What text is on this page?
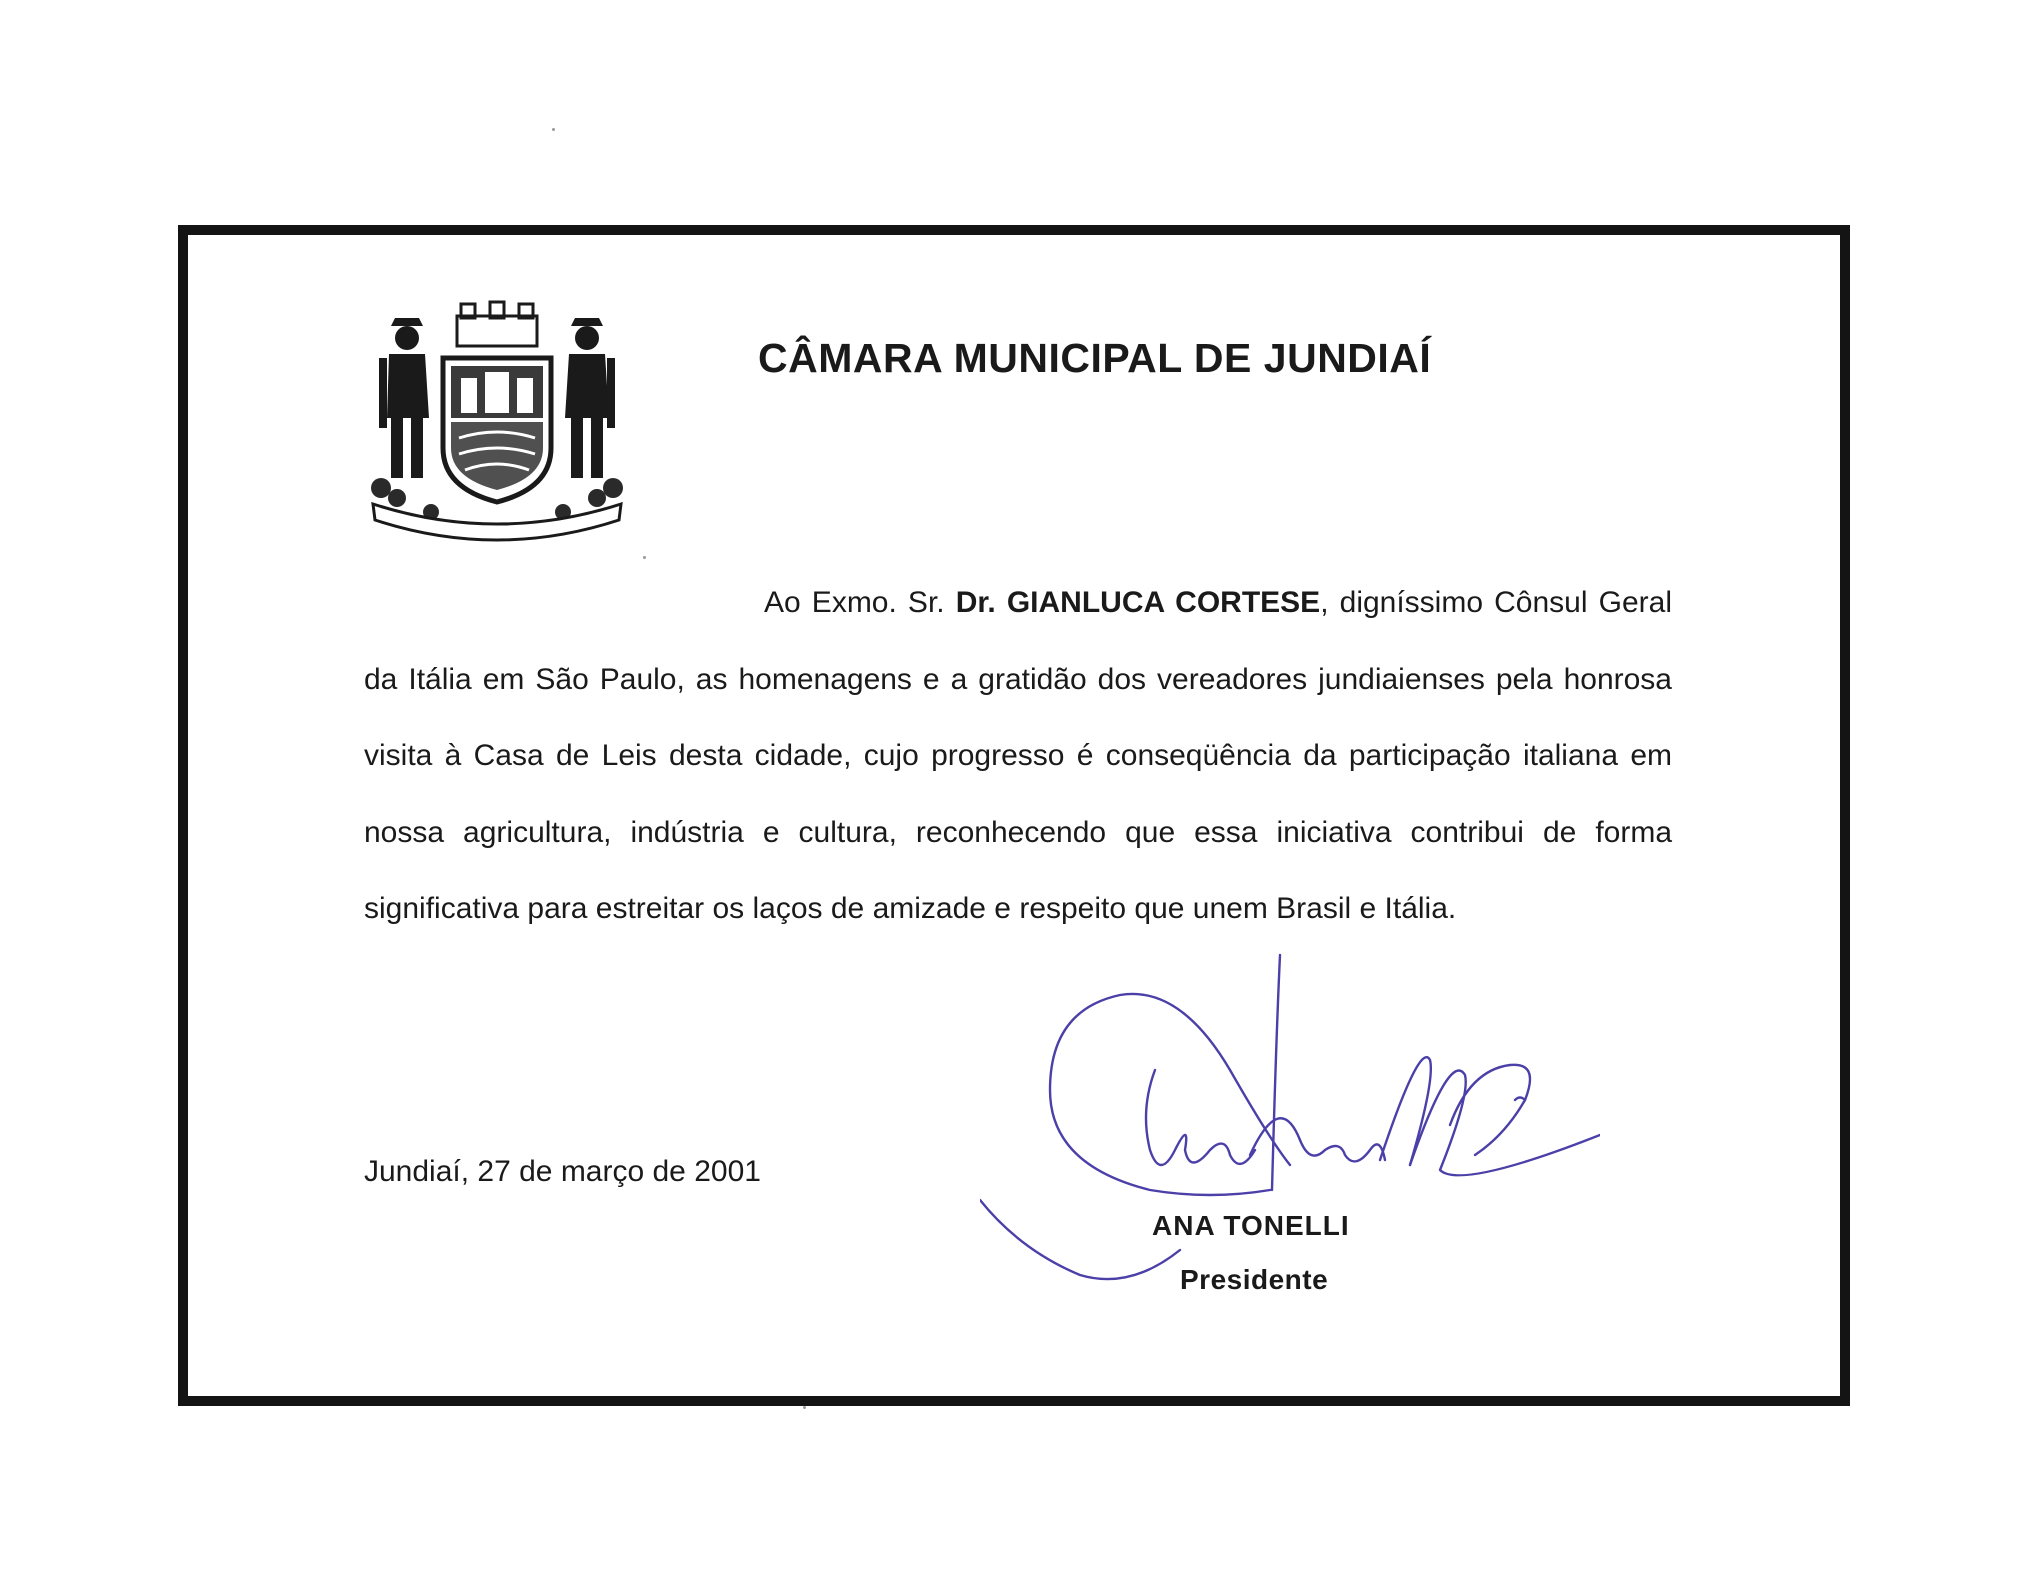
CÂMARA MUNICIPAL DE JUNDIAÍ

Ao Exmo. Sr. Dr. GIANLUCA CORTESE, digníssimo Cônsul Geral da Itália em São Paulo, as homenagens e a gratidão dos vereadores jundiaienses pela honrosa visita à Casa de Leis desta cidade, cujo progresso é conseqüência da participação italiana em nossa agricultura, indústria e cultura, reconhecendo que essa iniciativa contribui de forma significativa para estreitar os laços de amizade e respeito que unem Brasil e Itália.

Jundiaí, 27 de março de 2001
ANA TONELLI
Presidente
